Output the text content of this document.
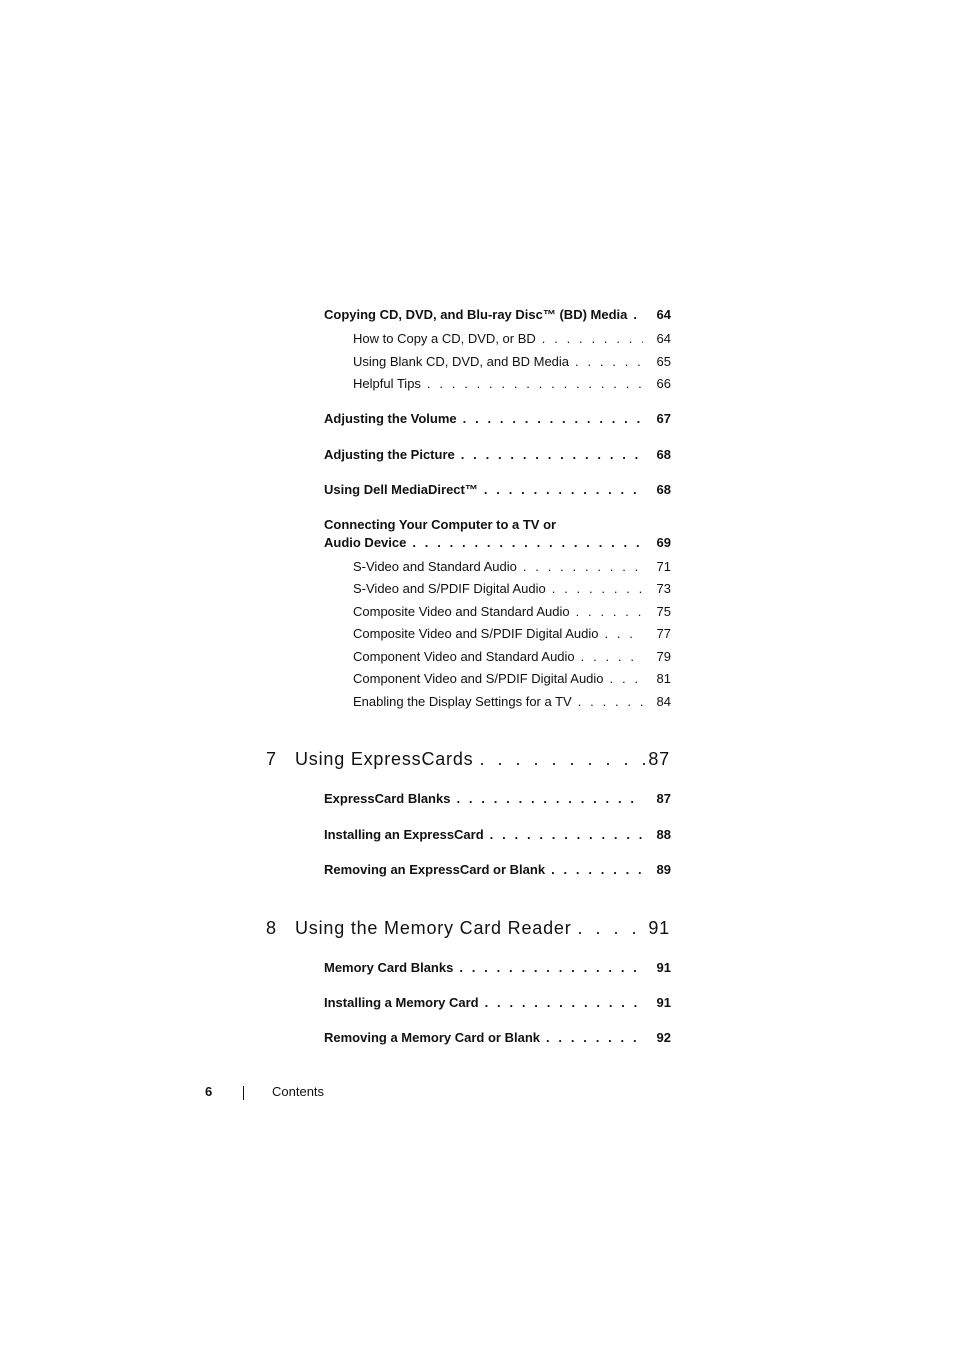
Copying CD, DVD, and Blu-ray Disc™ (BD) Media . . .	64
How to Copy a CD, DVD, or BD . . .	64
Using Blank CD, DVD, and BD Media . . .	65
Helpful Tips . . .	66
Adjusting the Volume . . .	67
Adjusting the Picture . . .	68
Using Dell MediaDirect™ . . .	68
Connecting Your Computer to a TV or
Audio Device . . .	69
S-Video and Standard Audio . . .	71
S-Video and S/PDIF Digital Audio . . .	73
Composite Video and Standard Audio . . .	75
Composite Video and S/PDIF Digital Audio . . .	77
Component Video and Standard Audio . . .	79
Component Video and S/PDIF Digital Audio . . .	81
Enabling the Display Settings for a TV . . .	84
7	Using ExpressCards . . .	87
ExpressCard Blanks . . .	87
Installing an ExpressCard . . .	88
Removing an ExpressCard or Blank . . .	89
8	Using the Memory Card Reader . . .	91
Memory Card Blanks . . .	91
Installing a Memory Card . . .	91
Removing a Memory Card or Blank . . .	92
6	Contents
